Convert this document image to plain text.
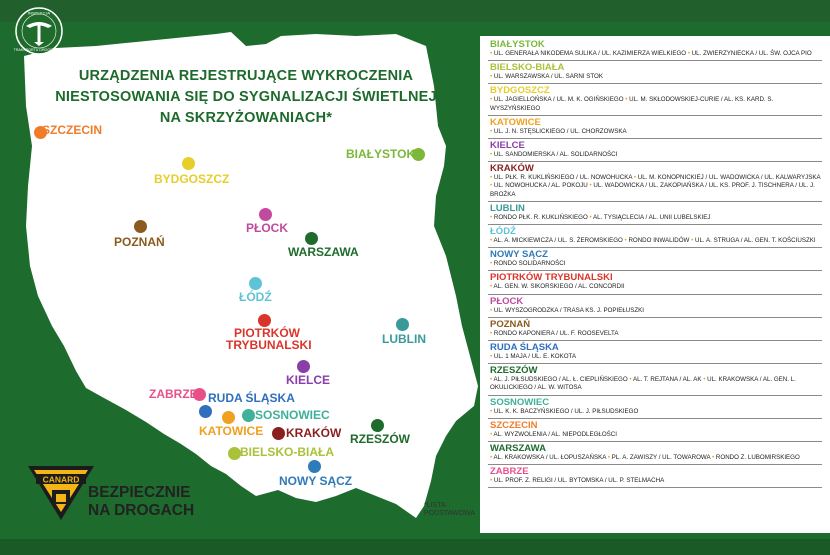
URZĄDZENIA REJESTRUJĄCE WYKROCZENIA NIESTOSOWANIA SIĘ DO SYGNALIZACJI ŚWIETLNEJ NA SKRZYŻOWANIACH*
SZCZECIN
BIAŁYSTOK
BYDGOSZCZ
PŁOCK
POZNAŃ
WARSZAWA
ŁÓDŹ
PIOTRKÓW
TRYBUNALSKI	LUBLIN
KIELCE
ZABRZE RUDA ŚLĄSKA
SOSNOWIEC
KATOWICE KRAKÓW RZESZÓW
BIELSKO-BIAŁA
NOWY SĄCZ
CANARD
BEZPIECZNIE
NA DROGACH	*LISTA
PODSTAWOWA
INSPEKCJA
TRANSPORTU DROGOWEGO	BIAŁYSTOK
• UL. GENERAŁA NIKODEMA SULIKA / UL. KAZIMIERZA WIELKIEGO • UL. ZWIERZYNIECKA / UL. ŚW. OJCA PIO
BIELSKO-BIAŁA
• UL. WARSZAWSKA / UL. SARNI STOK
BYDGOSZCZ
• UL. JAGIELLOŃSKA / UL. M. K. OGIŃSKIEGO • UL. M. SKŁODOWSKIEJ-CURIE / AL. KS. KARD. S. WYSZYŃSKIEGO
KATOWICE
• UL. J. N. STĘSLICKIEGO / UL. CHORZOWSKA
KIELCE
• UL. SANDOMIERSKA / AL. SOLIDARNOŚCI
KRAKÓW
• UL. PŁK. R. KUKLIŃSKIEGO / UL. NOWOHUCKA • UL. M. KONOPNICKIEJ / UL. WADOWICKA / UL. KALWARYJSKA • UL. NOWOHUCKA / AL. POKOJU • UL. WADOWICKA / UL. ZAKOPIAŃSKA / UL. KS. PROF. J. TISCHNERA / UL. J. BROŻKA
LUBLIN
• RONDO PŁK. R. KUKLIŃSKIEGO • AL. TYSIĄCLECIA / AL. UNII LUBELSKIEJ
ŁÓDŹ
• AL. A. MICKIEWICZA / UL. S. ŻEROMSKIEGO • RONDO INWALIDÓW • UL. A. STRUGA / AL. GEN. T. KOŚCIUSZKI
NOWY SĄCZ
• RONDO SOLIDARNOŚCI
PIOTRKÓW TRYBUNALSKI
• AL. GEN. W. SIKORSKIEGO / AL. CONCORDII
PŁOCK
• UL. WYSZOGRODZKA / TRASA KS. J. POPIEŁUSZKI
POZNAŃ
• RONDO KAPONIERA / UL. F. ROOSEVELTA
RUDA ŚLĄSKA
• UL. 1 MAJA / UL. E. KOKOTA
RZESZÓW
• AL. J. PIŁSUDSKIEGO / AL. Ł. CIEPLIŃSKIEGO • AL. T. REJTANA / AL. AK • UL. KRAKOWSKA / AL. GEN. L. OKULICKIEGO / AL. W. WITOSA
SOSNOWIEC
• UL. K. K. BACZYŃSKIEGO / UL. J. PIŁSUDSKIEGO
SZCZECIN
• AL. WYZWOLENIA / AL. NIEPODLEGŁOŚCI
WARSZAWA
• AL. KRAKOWSKA / UL. ŁOPUSZAŃSKA • PL. A. ZAWISZY / UL. TOWAROWA • RONDO Z. LUBOMIRSKIEGO
ZABRZE
• UL. PROF. Z. RELIGI / UL. BYTOMSKA / UL. P. STELMACHA
